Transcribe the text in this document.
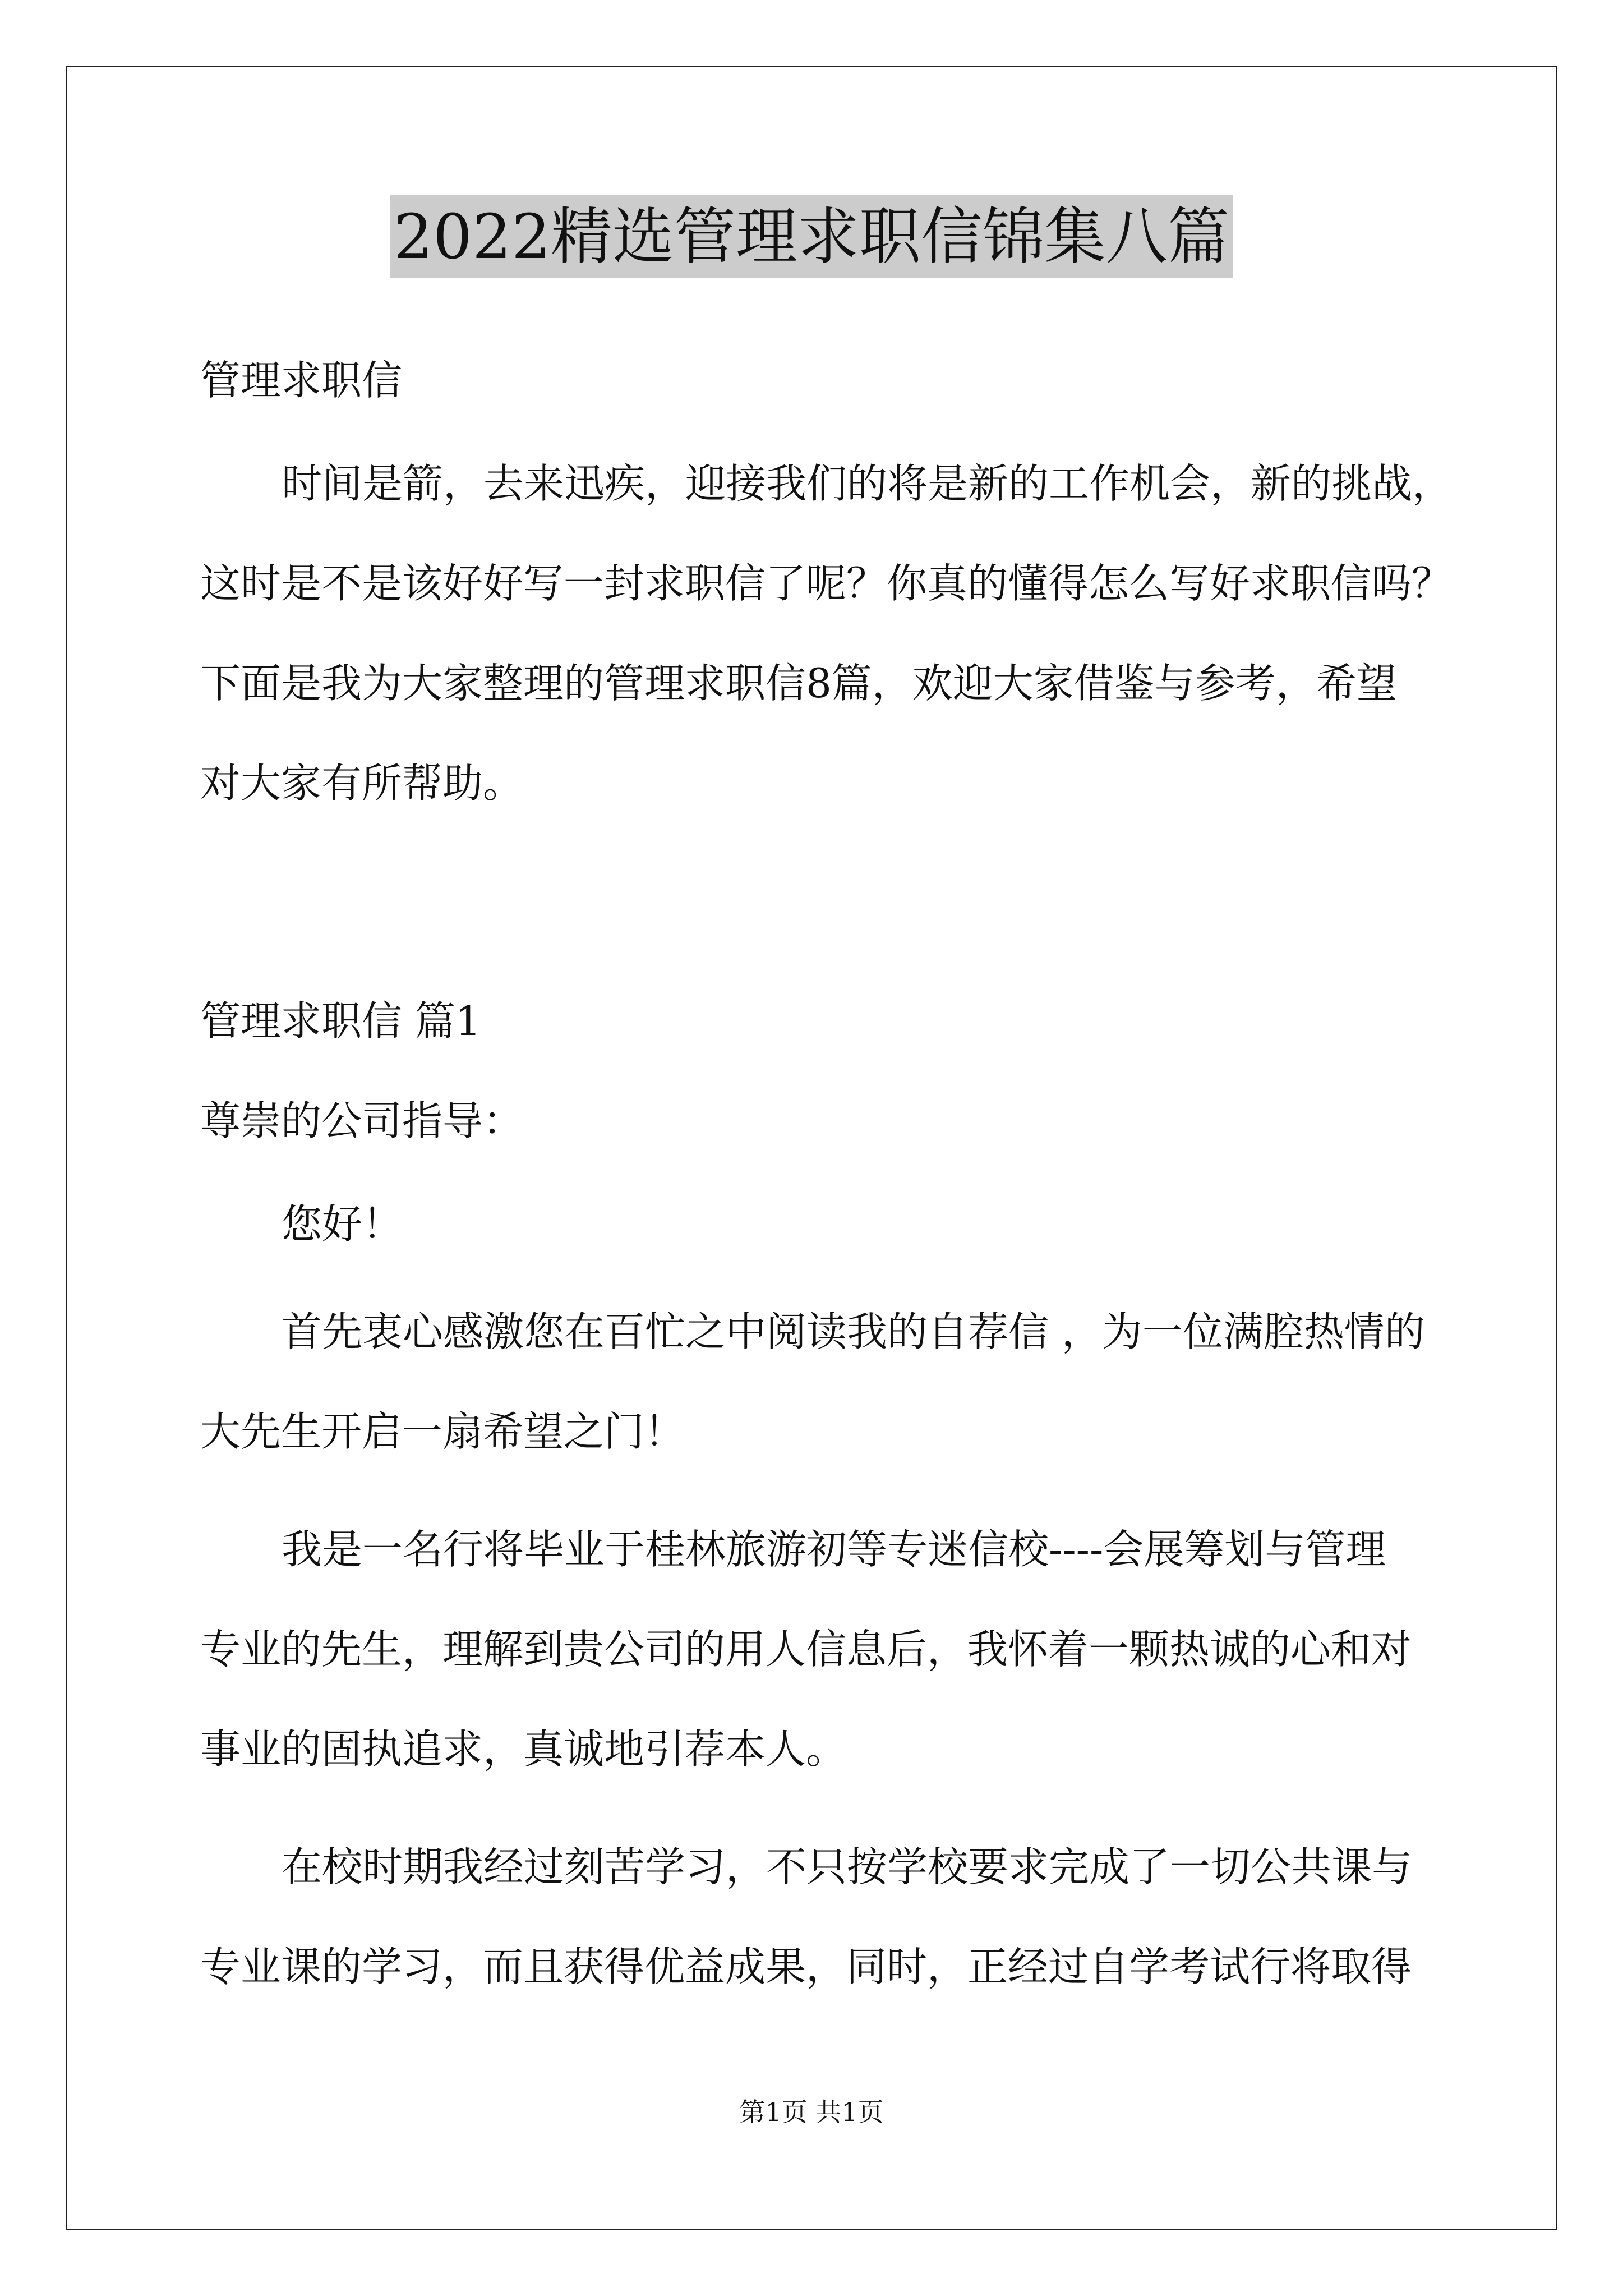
2022精选管理求职信锦集八篇
管理求职信
时间是箭，去来迅疾，迎接我们的将是新的工作机会，新的挑战，
这时是不是该好好写一封求职信了呢？你真的懂得怎么写好求职信吗？
下面是我为大家整理的管理求职信8篇，欢迎大家借鉴与参考，希望
对大家有所帮助。
管理求职信 篇1
尊崇的公司指导：
您好！
首先衷心感激您在百忙之中阅读我的自荐信 ，为一位满腔热情的
大先生开启一扇希望之门！
我是一名行将毕业于桂林旅游初等专迷信校----会展筹划与管理
专业的先生，理解到贵公司的用人信息后，我怀着一颗热诚的心和对
事业的固执追求，真诚地引荐本人。
在校时期我经过刻苦学习，不只按学校要求完成了一切公共课与
专业课的学习，而且获得优益成果，同时，正经过自学考试行将取得
第1页 共1页
